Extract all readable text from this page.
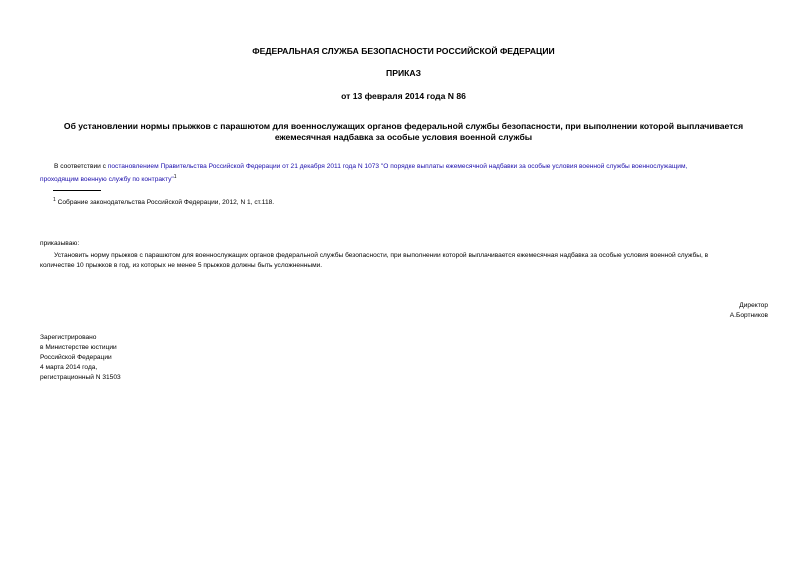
ФЕДЕРАЛЬНАЯ СЛУЖБА БЕЗОПАСНОСТИ РОССИЙСКОЙ ФЕДЕРАЦИИ
ПРИКАЗ
от 13 февраля 2014 года N 86
Об установлении нормы прыжков с парашютом для военнослужащих органов федеральной службы безопасности, при выполнении которой выплачивается
ежемесячная надбавка за особые условия военной службы
В соответствии с постановлением Правительства Российской Федерации от 21 декабря 2011 года N 1073 "О порядке выплаты ежемесячной надбавки за особые условия военной службы военнослужащим,
проходящим военную службу по контракту"$^1$
$^1$ Собрание законодательства Российской Федерации, 2012, N 1, ст.118.
приказываю:
Установить норму прыжков с парашютом для военнослужащих органов федеральной службы безопасности, при выполнении которой выплачивается ежемесячная надбавка за особые условия военной службы, в
количестве 10 прыжков в год, из которых не менее 5 прыжков должны быть усложненными.
Директор
А.Бортников
Зарегистрировано
в Министерстве юстиции
Российской Федерации
4 марта 2014 года,
регистрационный N 31503
